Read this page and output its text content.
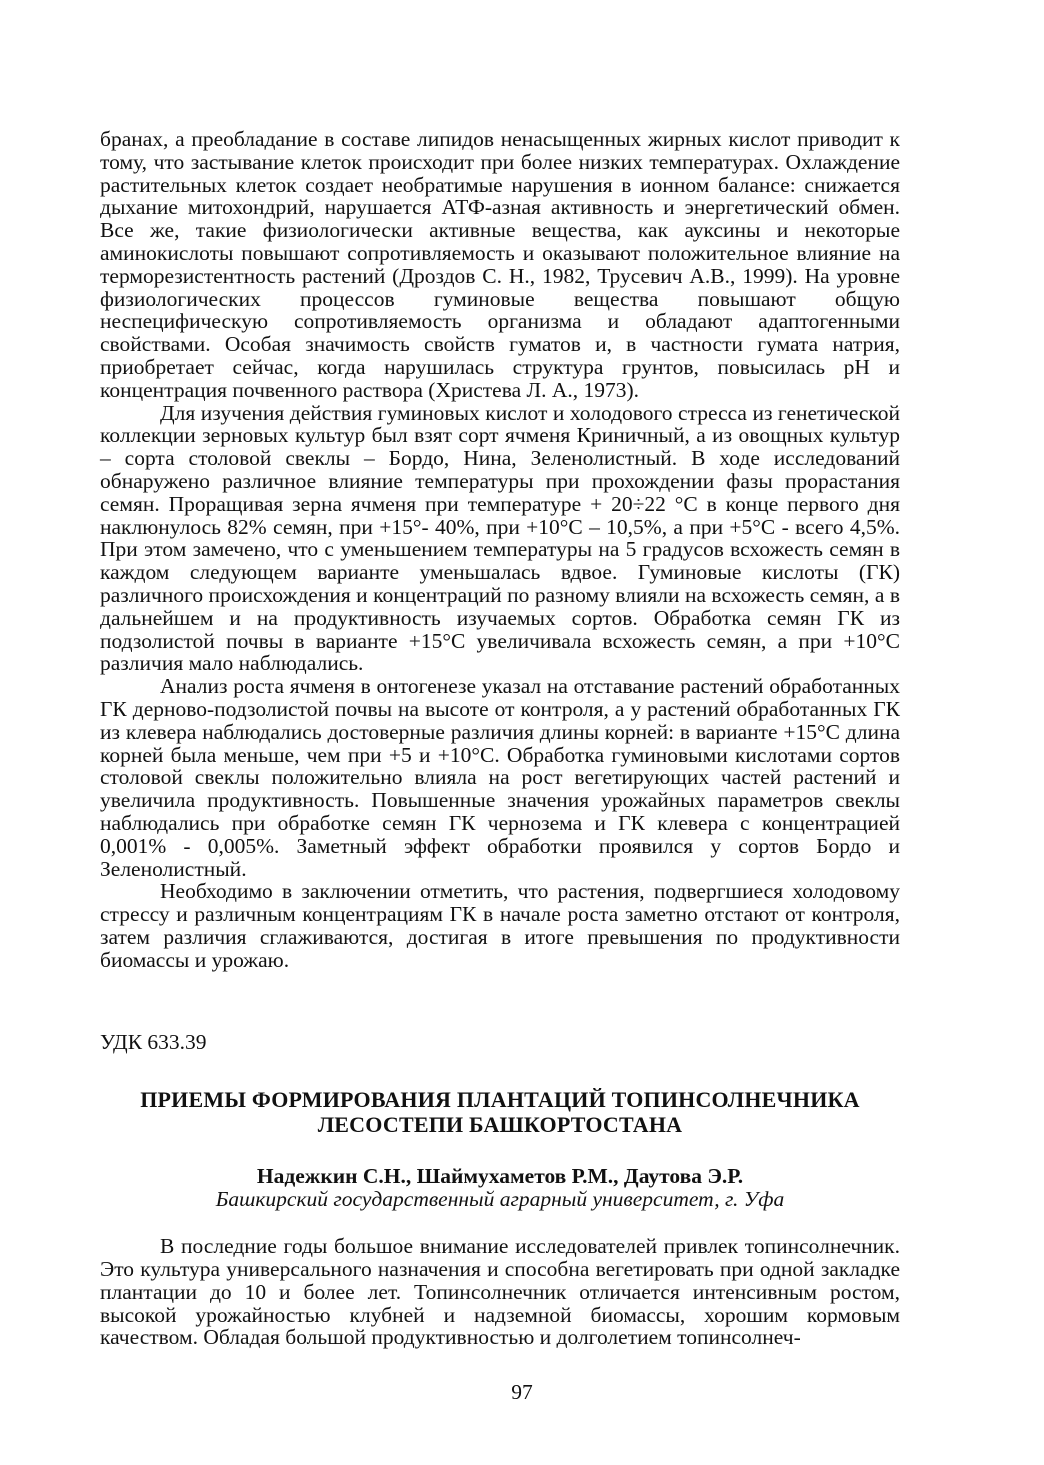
бранах, а преобладание в составе липидов ненасыщенных жирных кислот приводит к тому, что застывание клеток происходит при более низких температурах. Охлаждение растительных клеток создает необратимые нарушения в ионном балансе: снижается дыхание митохондрий, нарушается АТФ-азная активность и энергетический обмен. Все же, такие физиологически активные вещества, как ауксины и некоторые аминокислоты повышают сопротивляемость и оказывают положительное влияние на терморезистентность растений (Дроздов С. Н., 1982, Трусевич А.В., 1999). На уровне физиологических процессов гуминовые вещества повышают общую неспецифическую сопротивляемость организма и обладают адаптогенными свойствами. Особая значимость свойств гуматов и, в частности гумата натрия, приобретает сейчас, когда нарушилась структура грунтов, повысилась pH и концентрация почвенного раствора (Христева Л. А., 1973).

Для изучения действия гуминовых кислот и холодового стресса из генетической коллекции зерновых культур был взят сорт ячменя Криничный, а из овощных культур – сорта столовой свеклы – Бордо, Нина, Зеленолистный. В ходе исследований обнаружено различное влияние температуры при прохождении фазы прорастания семян. Проращивая зерна ячменя при температуре + 20÷22 °С в конце первого дня наклюнулось 82% семян, при +15°- 40%, при +10°С – 10,5%, а при +5°С - всего 4,5%. При этом замечено, что с уменьшением температуры на 5 градусов всхожесть семян в каждом следующем варианте уменьшалась вдвое. Гуминовые кислоты (ГК) различного происхождения и концентраций по разному влияли на всхожесть семян, а в дальнейшем и на продуктивность изучаемых сортов. Обработка семян ГК из подзолистой почвы в варианте +15°С увеличивала всхожесть семян, а при +10°С различия мало наблюдались.

Анализ роста ячменя в онтогенезе указал на отставание растений обработанных ГК дерново-подзолистой почвы на высоте от контроля, а у растений обработанных ГК из клевера наблюдались достоверные различия длины корней: в варианте +15°С длина корней была меньше, чем при +5 и +10°С. Обработка гуминовыми кислотами сортов столовой свеклы положительно влияла на рост вегетирующих частей растений и увеличила продуктивность. Повышенные значения урожайных параметров свеклы наблюдались при обработке семян ГК чернозема и ГК клевера с концентрацией 0,001% - 0,005%. Заметный эффект обработки проявился у сортов Бордо и Зеленолистный.

Необходимо в заключении отметить, что растения, подвергшиеся холодовому стрессу и различным концентрациям ГК в начале роста заметно отстают от контроля, затем различия сглаживаются, достигая в итоге превышения по продуктивности биомассы и урожаю.

УДК 633.39
ПРИЕМЫ ФОРМИРОВАНИЯ ПЛАНТАЦИЙ ТОПИНСОЛНЕЧНИКА
ЛЕСОСТЕПИ БАШКОРТОСТАНА
Надежкин С.Н., Шаймухаметов Р.М., Даутова Э.Р.
Башкирский государственный аграрный университет, г. Уфа

В последние годы большое внимание исследователей привлек топинсолнечник. Это культура универсального назначения и способна вегетировать при одной закладке плантации до 10 и более лет. Топинсолнечник отличается интенсивным ростом, высокой урожайностью клубней и надземной биомассы, хорошим кормовым качеством. Обладая большой продуктивностью и долголетием топинсолнеч-

97
